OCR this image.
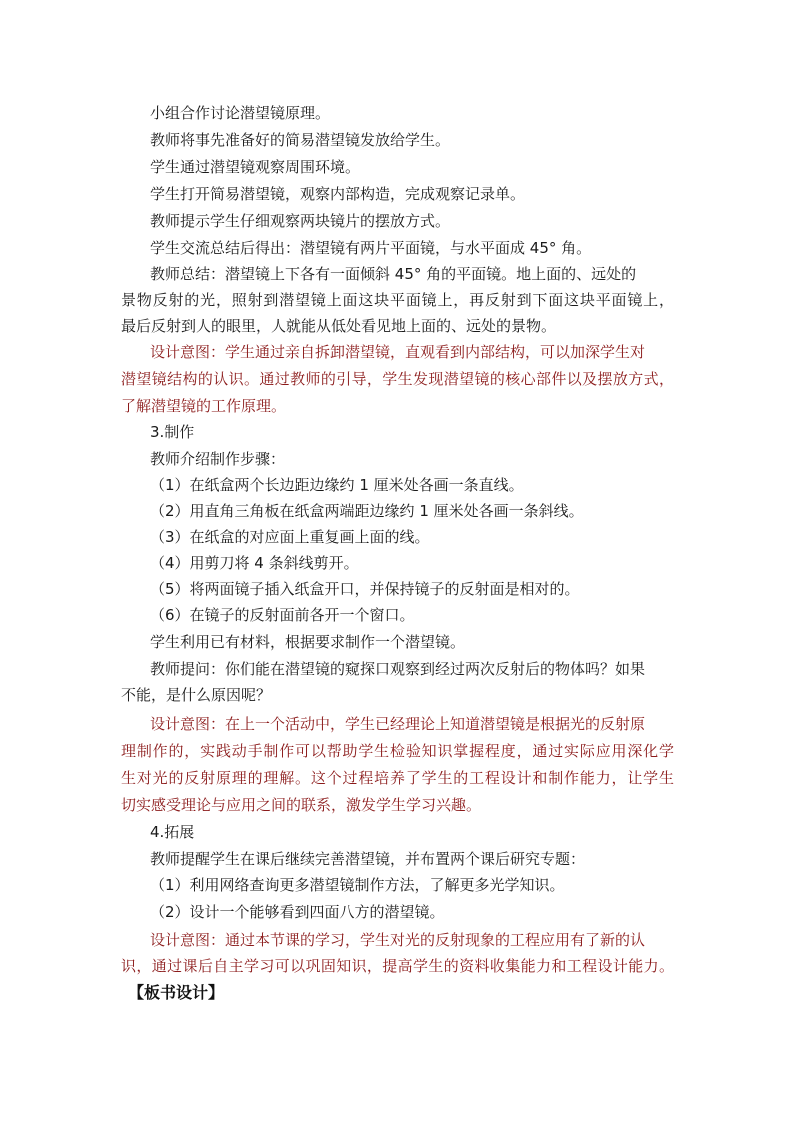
小组合作讨论潜望镜原理。
教师将事先准备好的简易潜望镜发放给学生。
学生通过潜望镜观察周围环境。
学生打开简易潜望镜，观察内部构造，完成观察记录单。
教师提示学生仔细观察两块镜片的摆放方式。
学生交流总结后得出：潜望镜有两片平面镜，与水平面成 45° 角。
教师总结：潜望镜上下各有一面倾斜 45° 角的平面镜。地上面的、远处的
景物反射的光，照射到潜望镜上面这块平面镜上，再反射到下面这块平面镜上，
最后反射到人的眼里，人就能从低处看见地上面的、远处的景物。
设计意图：学生通过亲自拆卸潜望镜，直观看到内部结构，可以加深学生对
潜望镜结构的认识。通过教师的引导，学生发现潜望镜的核心部件以及摆放方式，
了解潜望镜的工作原理。
3.制作
教师介绍制作步骤：
（1）在纸盒两个长边距边缘约 1 厘米处各画一条直线。
（2）用直角三角板在纸盒两端距边缘约 1 厘米处各画一条斜线。
（3）在纸盒的对应面上重复画上面的线。
（4）用剪刀将 4 条斜线剪开。
（5）将两面镜子插入纸盒开口，并保持镜子的反射面是相对的。
（6）在镜子的反射面前各开一个窗口。
学生利用已有材料，根据要求制作一个潜望镜。
教师提问：你们能在潜望镜的窥探口观察到经过两次反射后的物体吗？如果
不能，是什么原因呢？
设计意图：在上一个活动中，学生已经理论上知道潜望镜是根据光的反射原
理制作的，实践动手制作可以帮助学生检验知识掌握程度，通过实际应用深化学
生对光的反射原理的理解。这个过程培养了学生的工程设计和制作能力，让学生
切实感受理论与应用之间的联系，激发学生学习兴趣。
4.拓展
教师提醒学生在课后继续完善潜望镜，并布置两个课后研究专题：
（1）利用网络查询更多潜望镜制作方法，了解更多光学知识。
（2）设计一个能够看到四面八方的潜望镜。
设计意图：通过本节课的学习，学生对光的反射现象的工程应用有了新的认
识，通过课后自主学习可以巩固知识，提高学生的资料收集能力和工程设计能力。
【板书设计】
